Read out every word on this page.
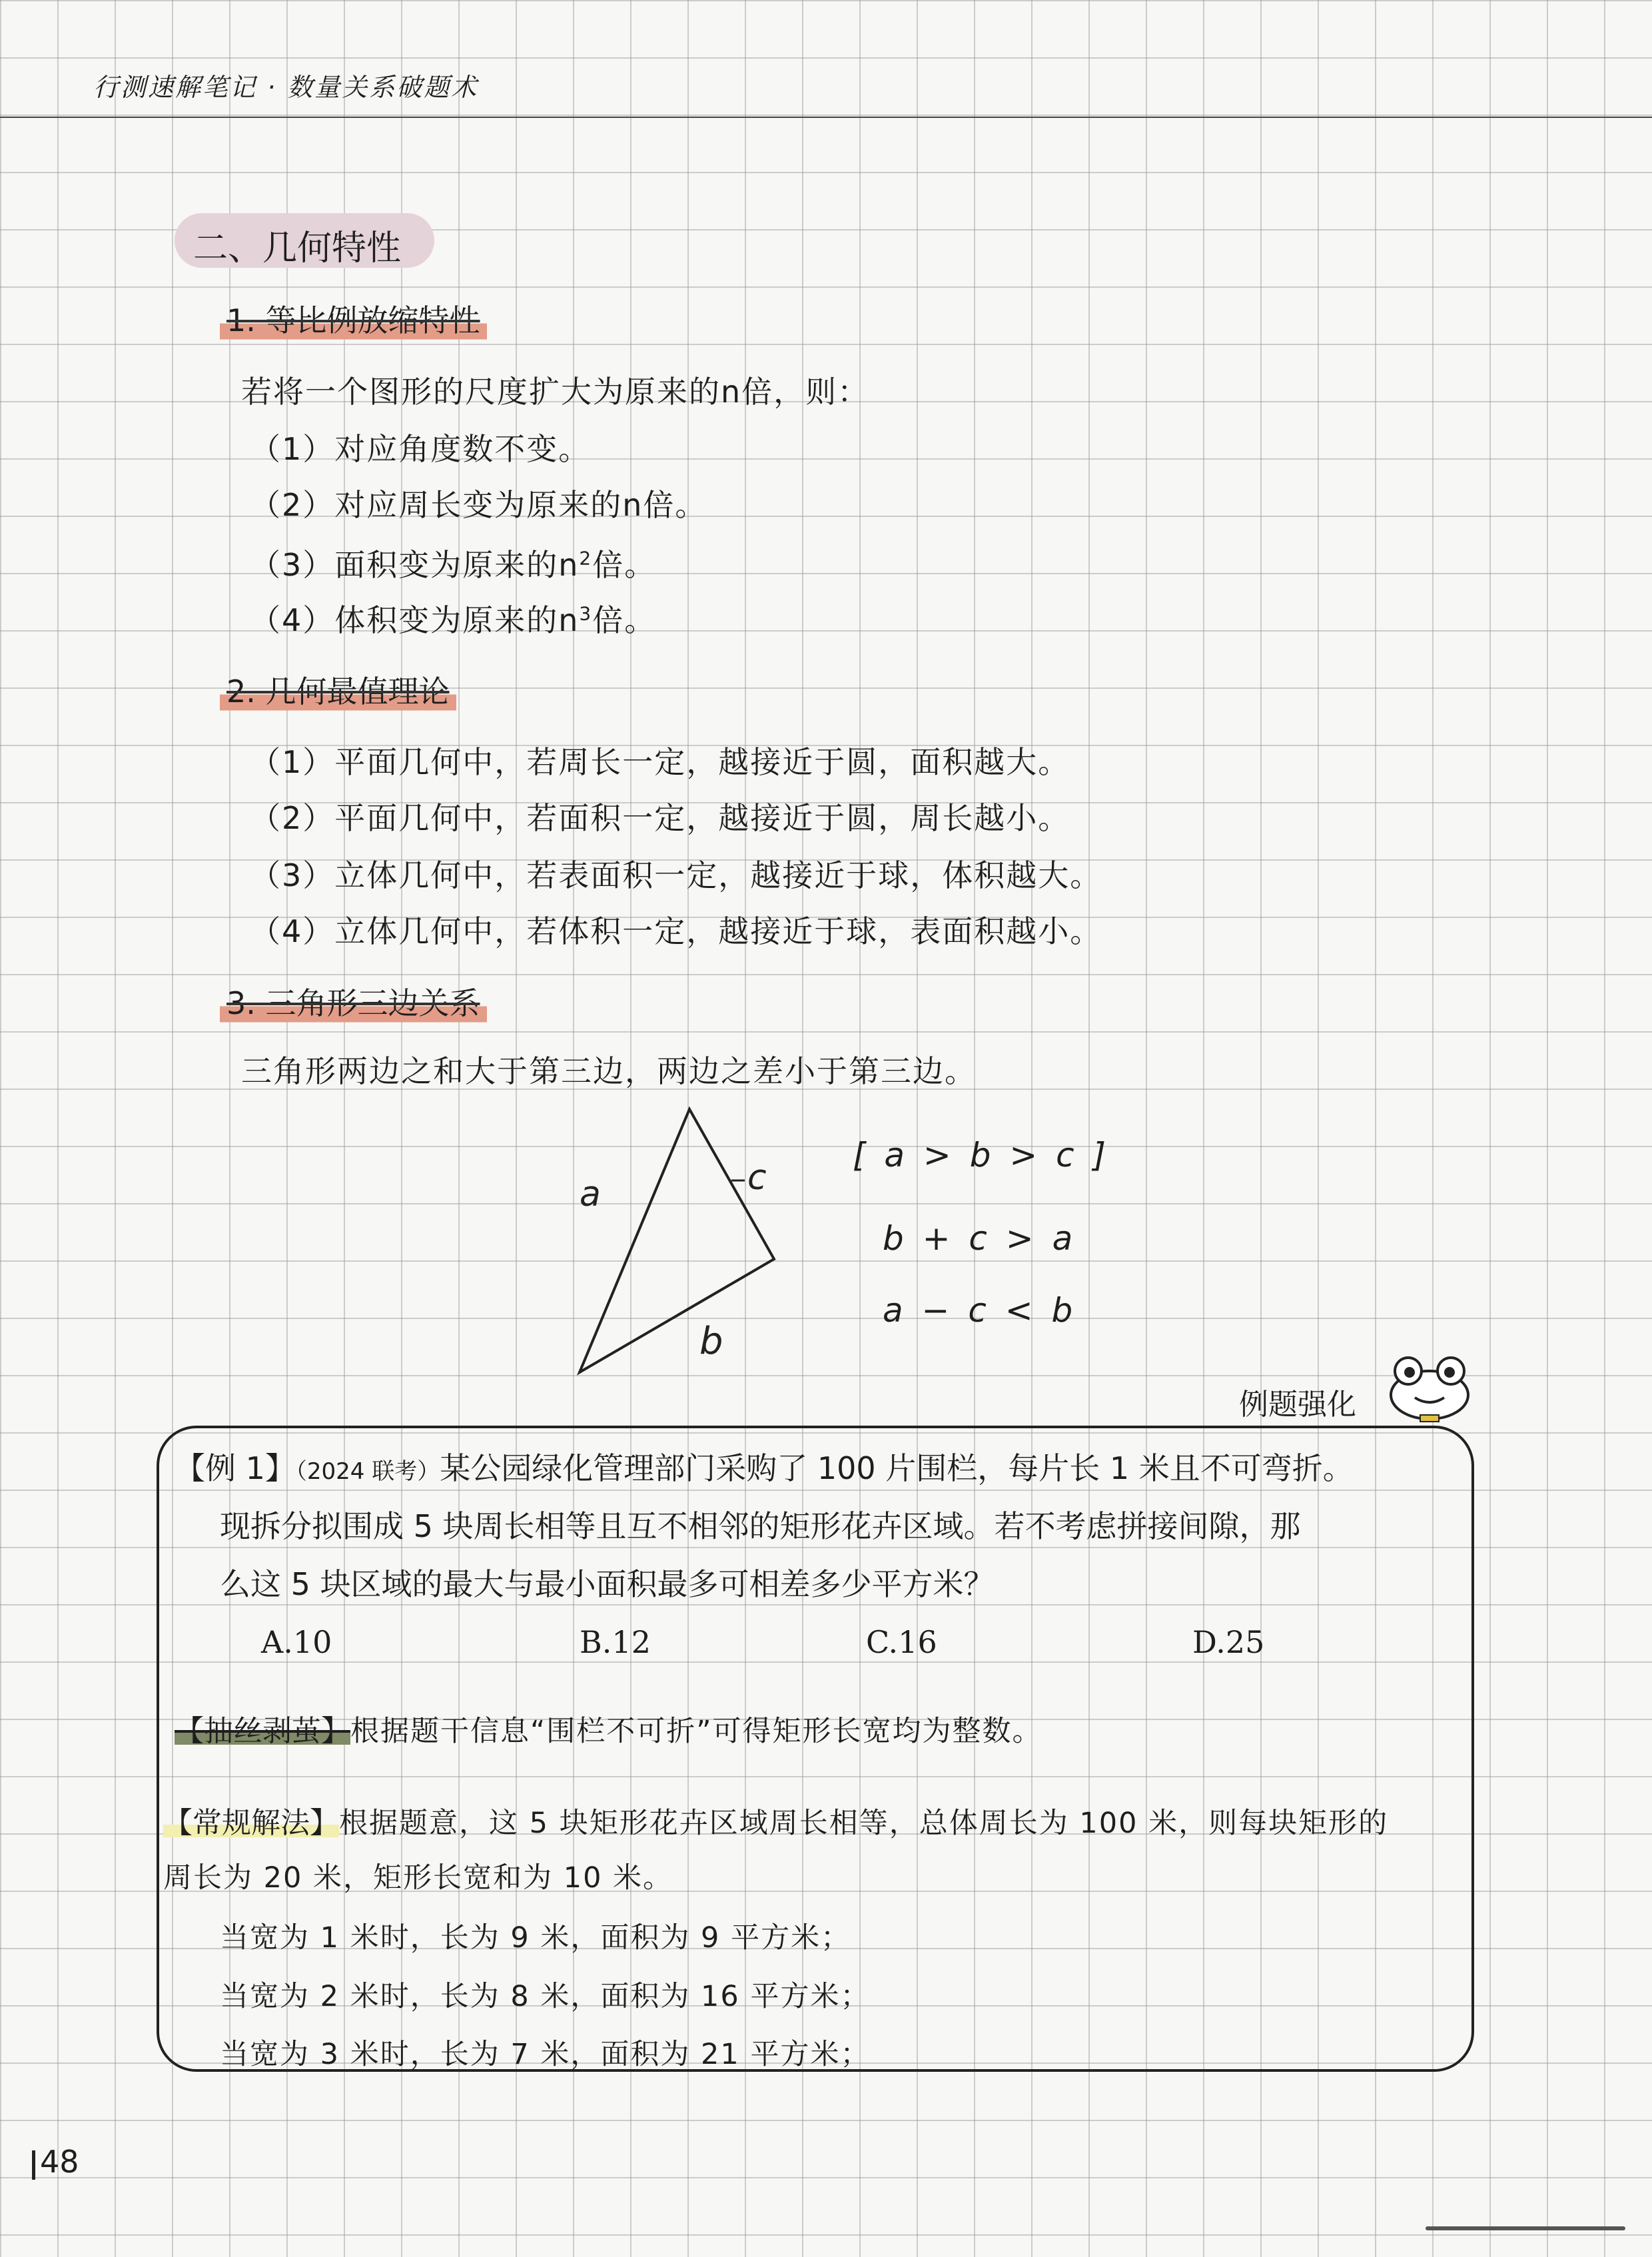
行测速解笔记 · 数量关系破题术
二、几何特性
1. 等比例放缩特性
若将一个图形的尺度扩大为原来的n倍，则：
（1）对应角度数不变。
（2）对应周长变为原来的n倍。
（3）面积变为原来的$n^2$倍。
（4）体积变为原来的$n^3$倍。
2. 几何最值理论
（1）平面几何中，若周长一定，越接近于圆，面积越大。
（2）平面几何中，若面积一定，越接近于圆，周长越小。
（3）立体几何中，若表面积一定，越接近于球，体积越大。
（4）立体几何中，若体积一定，越接近于球，表面积越小。
3. 三角形三边关系
三角形两边之和大于第三边，两边之差小于第三边。
a	c
b
[ a > b > c ]
b + c > a
a − c < b
例题强化
【例 1】（2024 联考）某公园绿化管理部门采购了 100 片围栏，每片长 1 米且不可弯折。
现拆分拟围成 5 块周长相等且互不相邻的矩形花卉区域。若不考虑拼接间隙，那
么这 5 块区域的最大与最小面积最多可相差多少平方米？
A.10	B.12	C.16	D.25
【抽丝剥茧】根据题干信息“围栏不可折”可得矩形长宽均为整数。
【常规解法】根据题意，这 5 块矩形花卉区域周长相等，总体周长为 100 米，则每块矩形的
周长为 20 米，矩形长宽和为 10 米。
当宽为 1 米时，长为 9 米，面积为 9 平方米；
当宽为 2 米时，长为 8 米，面积为 16 平方米；
当宽为 3 米时，长为 7 米，面积为 21 平方米；
48
